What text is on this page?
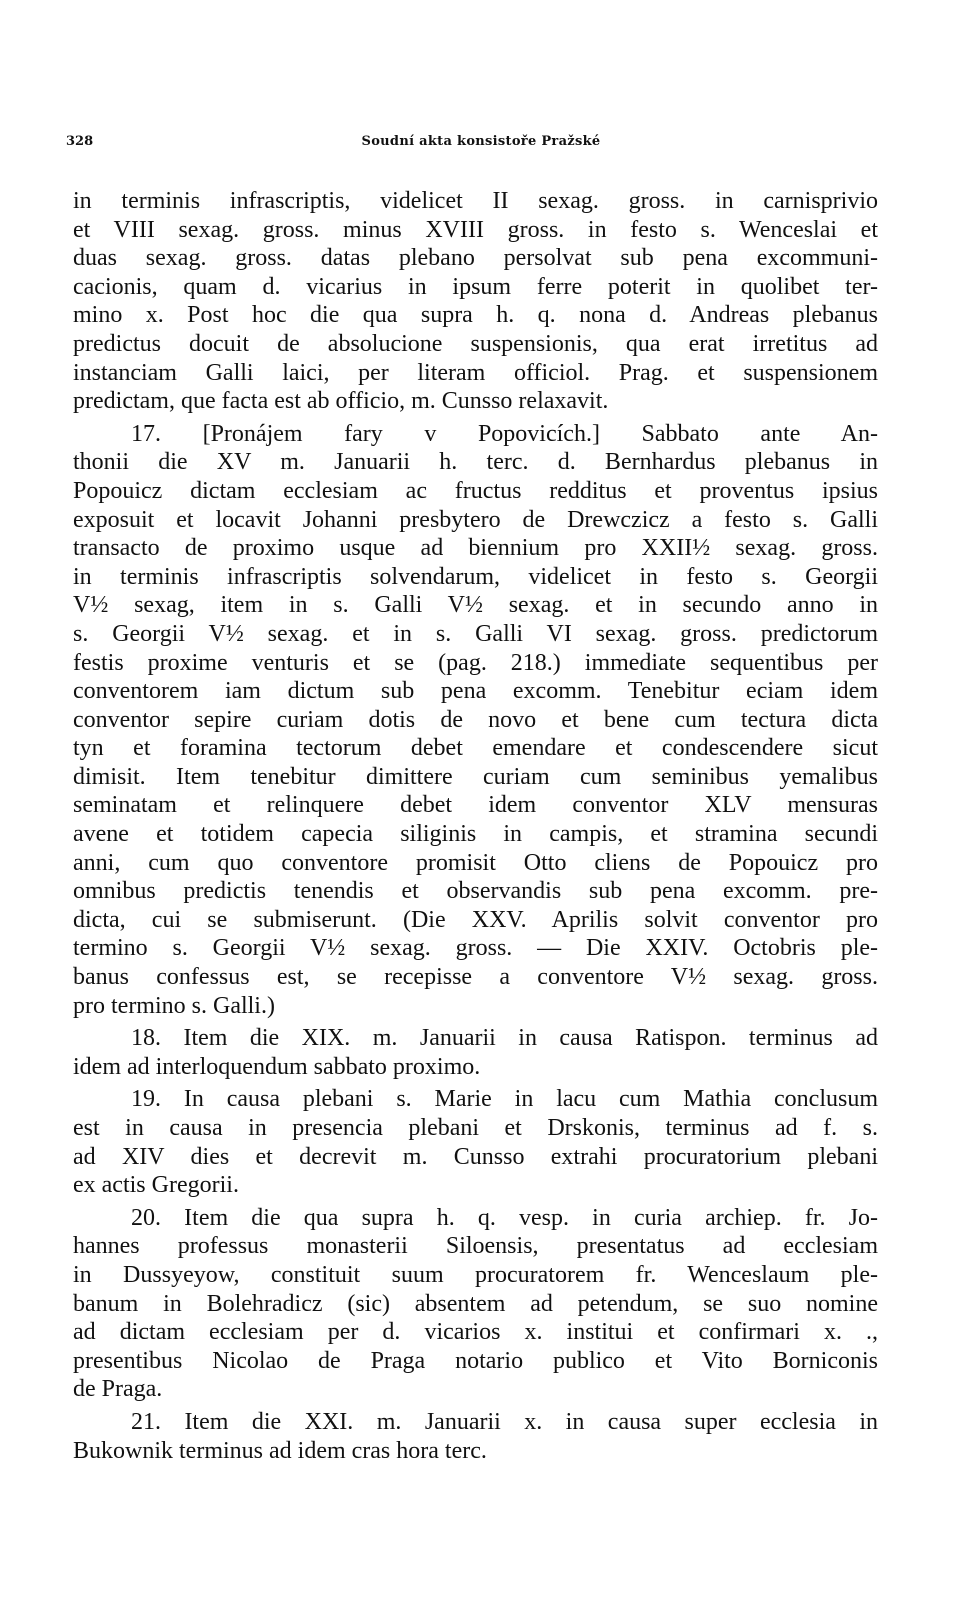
328	Soudní akta konsistoře Pražské
in terminis infrascriptis, videlicet II sexag. gross. in carnisprivio
et VIII sexag. gross. minus XVIII gross. in festo s. Wenceslai et
duas sexag. gross. datas plebano persolvat sub pena excommuni-
cacionis, quam d. vicarius in ipsum ferre poterit in quolibet ter-
mino x. Post hoc die qua supra h. q. nona d. Andreas plebanus
predictus docuit de absolucione suspensionis, qua erat irretitus ad
instanciam Galli laici, per literam officiol. Prag. et suspensionem
predictam, que facta est ab officio, m. Cunsso relaxavit.
17. [Pronájem fary v Popovicích.] Sabbato ante An-
thonii die XV m. Januarii h. terc. d. Bernhardus plebanus in
Popouicz dictam ecclesiam ac fructus redditus et proventus ipsius
exposuit et locavit Johanni presbytero de Drewczicz a festo s. Galli
transacto de proximo usque ad biennium pro XXII½ sexag. gross.
in terminis infrascriptis solvendarum, videlicet in festo s. Georgii
V½ sexag, item in s. Galli V½ sexag. et in secundo anno in
s. Georgii V½ sexag. et in s. Galli VI sexag. gross. predictorum
festis proxime venturis et se (pag. 218.) immediate sequentibus per
conventorem iam dictum sub pena excomm. Tenebitur eciam idem
conventor sepire curiam dotis de novo et bene cum tectura dicta
tyn et foramina tectorum debet emendare et condescendere sicut
dimisit. Item tenebitur dimittere curiam cum seminibus yemalibus
seminatam et relinquere debet idem conventor XLV mensuras
avene et totidem capecia siliginis in campis, et stramina secundi
anni, cum quo conventore promisit Otto cliens de Popouicz pro
omnibus predictis tenendis et observandis sub pena excomm. pre-
dicta, cui se submiserunt. (Die XXV. Aprilis solvit conventor pro
termino s. Georgii V½ sexag. gross. — Die XXIV. Octobris ple-
banus confessus est, se recepisse a conventore V½ sexag. gross.
pro termino s. Galli.)
18. Item die XIX. m. Januarii in causa Ratispon. terminus ad
idem ad interloquendum sabbato proximo.
19. In causa plebani s. Marie in lacu cum Mathia conclusum
est in causa in presencia plebani et Drskonis, terminus ad f. s.
ad XIV dies et decrevit m. Cunsso extrahi procuratorium plebani
ex actis Gregorii.
20. Item die qua supra h. q. vesp. in curia archiep. fr. Jo-
hannes professus monasterii Siloensis, presentatus ad ecclesiam
in Dussyeyow, constituit suum procuratorem fr. Wenceslaum ple-
banum in Bolehradicz (sic) absentem ad petendum, se suo nomine
ad dictam ecclesiam per d. vicarios x. institui et confirmari x. .,
presentibus Nicolao de Praga notario publico et Vito Borniconis
de Praga.
21. Item die XXI. m. Januarii x. in causa super ecclesia in
Bukownik terminus ad idem cras hora terc.
